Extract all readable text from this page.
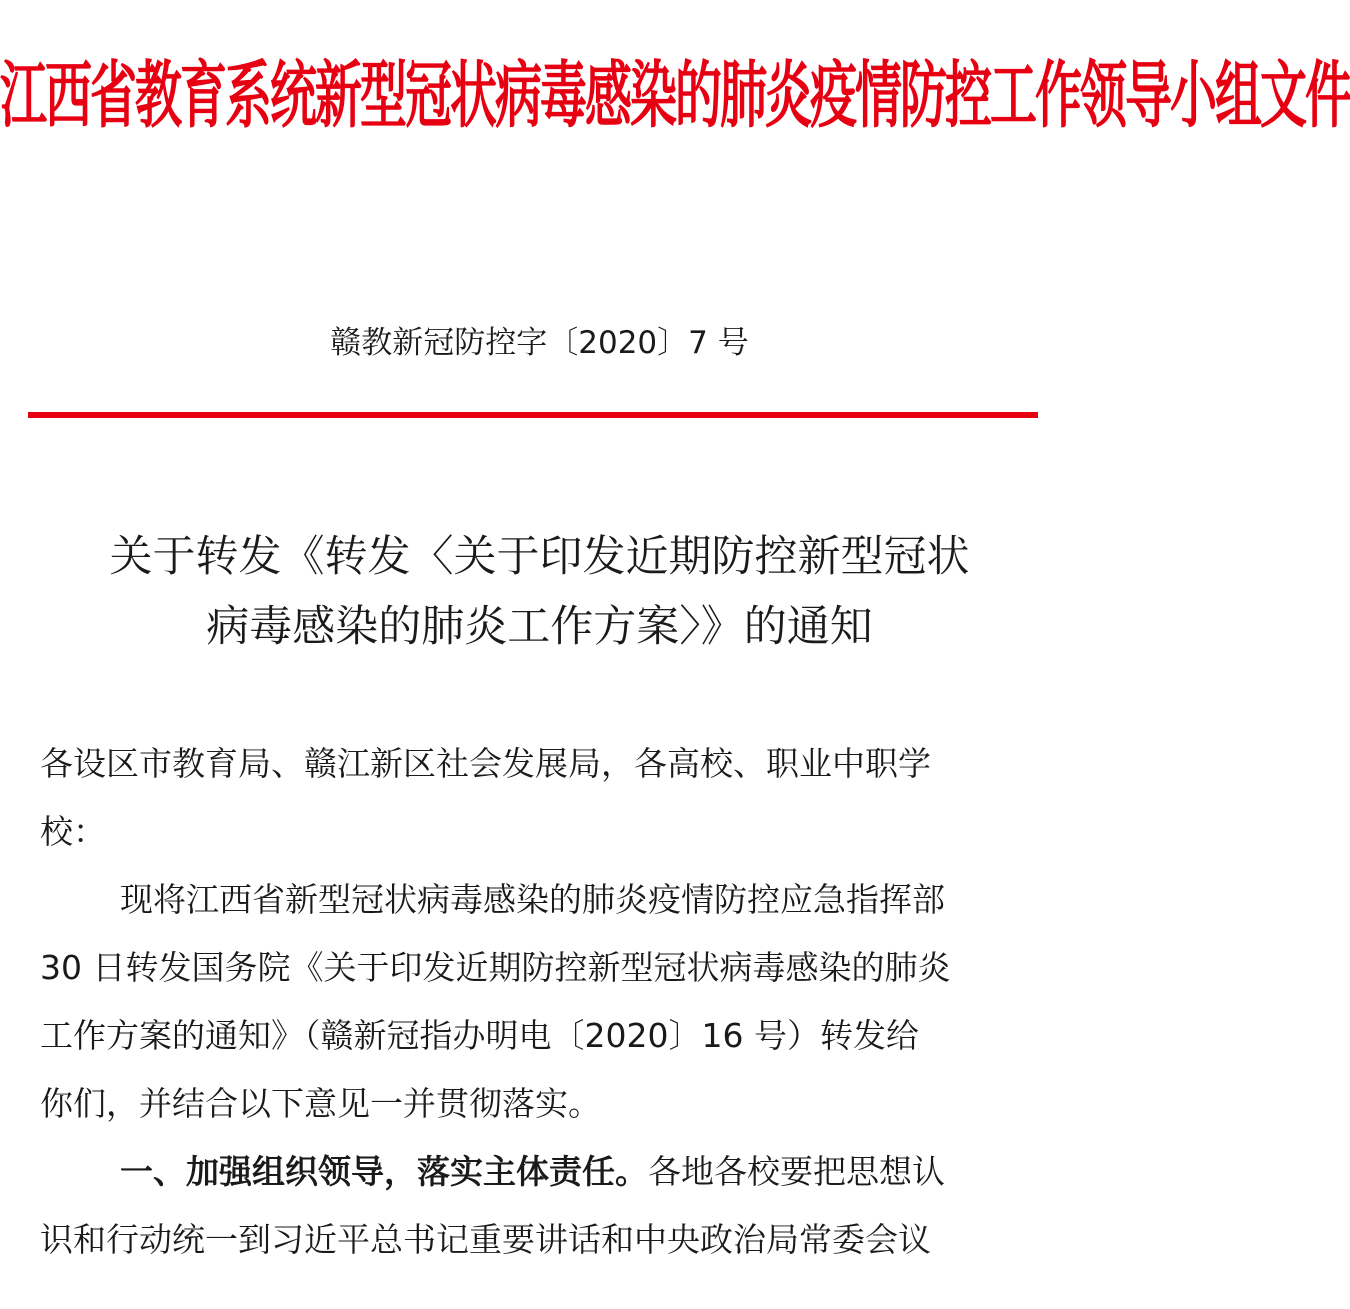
江西省教育系统新型冠状病毒感染的肺炎疫情防控工作领导小组文件
赣教新冠防控字〔2020〕7 号
关于转发《转发〈关于印发近期防控新型冠状
病毒感染的肺炎工作方案〉》的通知
各设区市教育局、赣江新区社会发展局，各高校、职业中职学
校：
现将江西省新型冠状病毒感染的肺炎疫情防控应急指挥部
30 日转发国务院《关于印发近期防控新型冠状病毒感染的肺炎
工作方案的通知》（赣新冠指办明电〔2020〕16 号）转发给
你们，并结合以下意见一并贯彻落实。
一、加强组织领导，落实主体责任。各地各校要把思想认
识和行动统一到习近平总书记重要讲话和中央政治局常委会议
